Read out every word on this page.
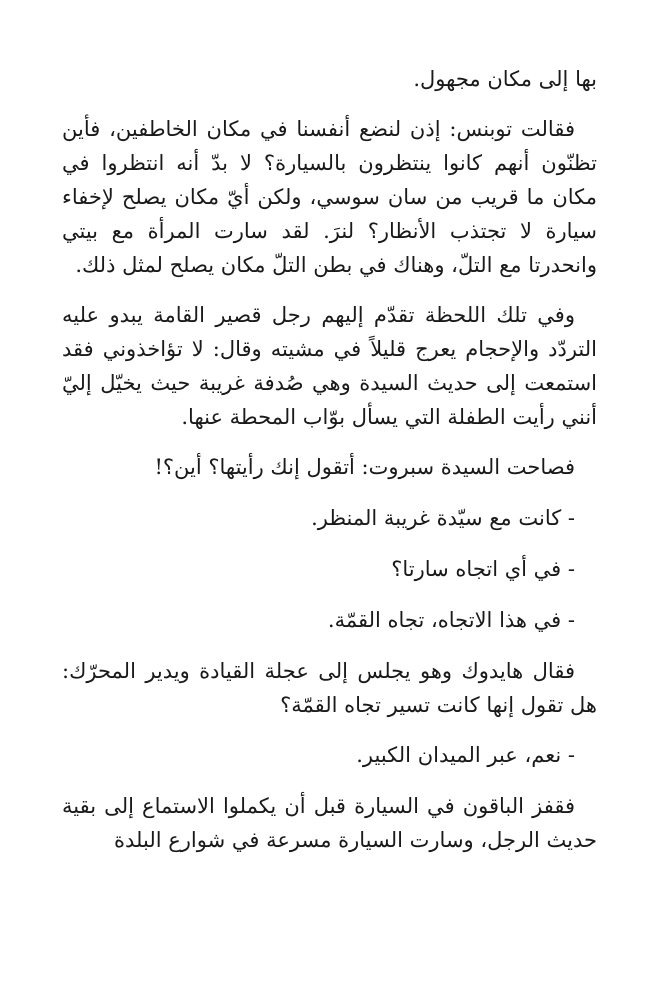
بها إلى مكان مجهول.

فقالت توبنس: إذن لنضع أنفسنا في مكان الخاطفين، فأين تظنّون أنهم كانوا ينتظرون بالسيارة؟ لا بدّ أنه انتظروا في مكان ما قريب من سان سوسي، ولكن أيّ مكان يصلح لإخفاء سيارة لا تجتذب الأنظار؟ لنرَ. لقد سارت المرأة مع بيتي وانحدرتا مع التلّ، وهناك في بطن التلّ مكان يصلح لمثل ذلك.

وفي تلك اللحظة تقدّم إليهم رجل قصير القامة يبدو عليه التردّد والإحجام يعرج قليلاً في مشيته وقال: لا تؤاخذوني فقد استمعت إلى حديث السيدة وهي صُدفة غريبة حيث يخيّل إليّ أنني رأيت الطفلة التي يسأل بوّاب المحطة عنها.

فصاحت السيدة سبروت: أتقول إنك رأيتها؟ أين؟!

- كانت مع سيّدة غريبة المنظر.

- في أي اتجاه سارتا؟

- في هذا الاتجاه، تجاه القمّة.

فقال هايدوك وهو يجلس إلى عجلة القيادة ويدير المحرّك: هل تقول إنها كانت تسير تجاه القمّة؟

- نعم، عبر الميدان الكبير.

فقفز الباقون في السيارة قبل أن يكملوا الاستماع إلى بقية حديث الرجل، وسارت السيارة مسرعة في شوارع البلدة
